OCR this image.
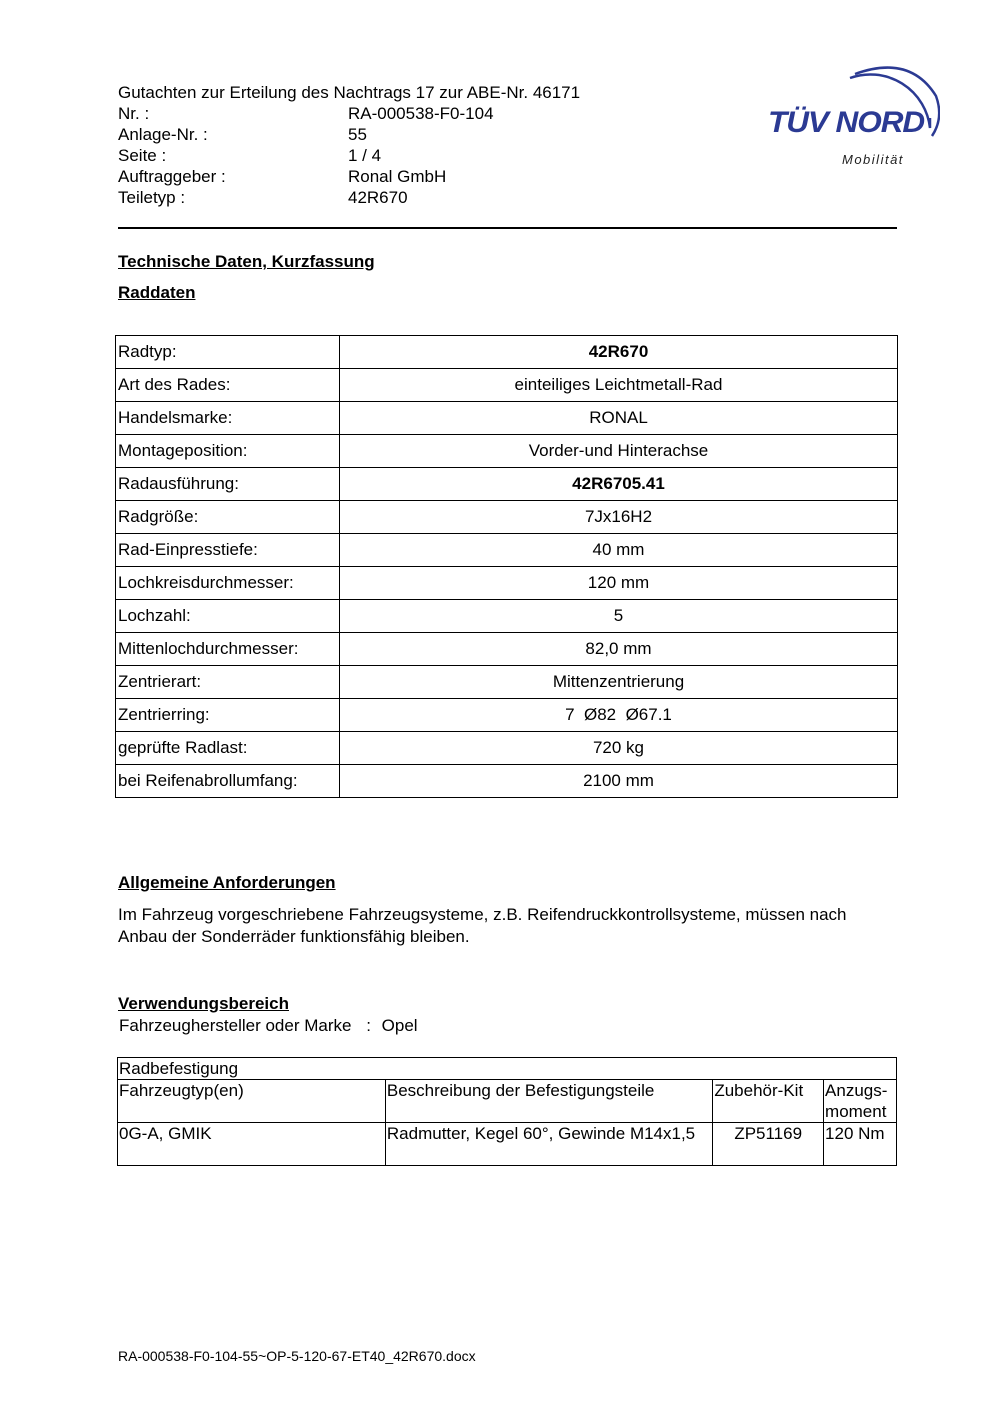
Gutachten zur Erteilung des Nachtrags 17 zur ABE-Nr. 46171
Nr. :	RA-000538-F0-104
Anlage-Nr. :	55
Seite :	1 / 4
Auftraggeber :	Ronal GmbH
Teiletyp :	42R670
TÜV NORD
Mobilität
Technische Daten, Kurzfassung
Raddaten
Radtyp:	42R670
Art des Rades:	einteiliges Leichtmetall-Rad
Handelsmarke:	RONAL
Montageposition:	Vorder-und Hinterachse
Radausführung:	42R6705.41
Radgröße:	7Jx16H2
Rad-Einpresstiefe:	40 mm
Lochkreisdurchmesser:	120 mm
Lochzahl:	5
Mittenlochdurchmesser:	82,0 mm
Zentrierart:	Mittenzentrierung
Zentrierring:	7  Ø82  Ø67.1
geprüfte Radlast:	720 kg
bei Reifenabrollumfang:	2100 mm
Allgemeine Anforderungen
Im Fahrzeug vorgeschriebene Fahrzeugsysteme, z.B. Reifendruckkontrollsysteme, müssen nach Anbau der Sonderräder funktionsfähig bleiben.
Verwendungsbereich
Fahrzeughersteller oder Marke : Opel
Radbefestigung			
Fahrzeugtyp(en)	Beschreibung der Befestigungsteile	Zubehör-Kit	Anzugs-moment
0G-A, GMIK	Radmutter, Kegel 60°, Gewinde M14x1,5	ZP51169	120 Nm
RA-000538-F0-104-55~OP-5-120-67-ET40_42R670.docx
